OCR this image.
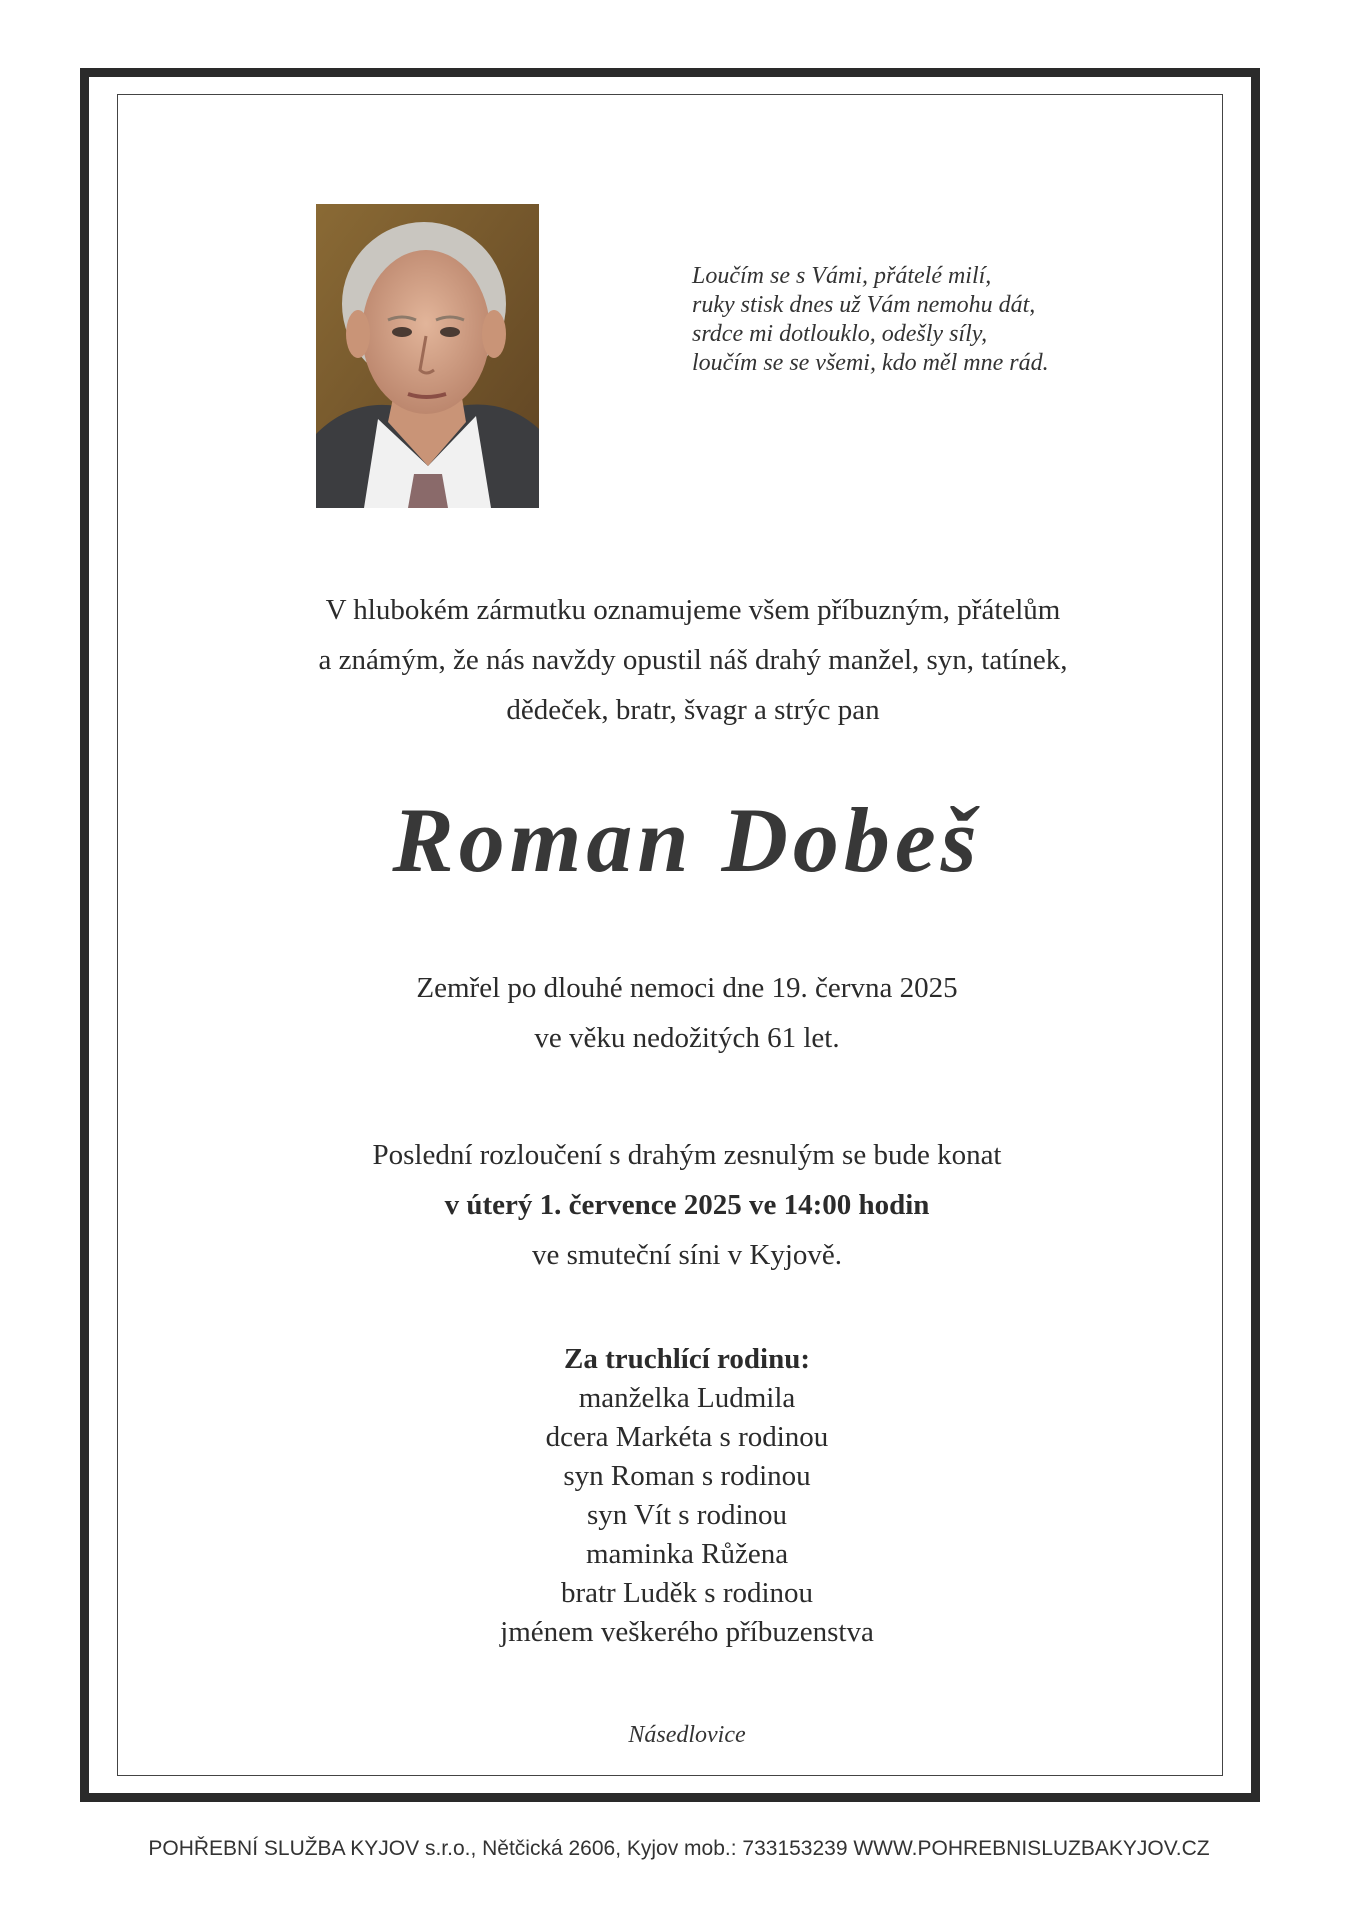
Loučím se s Vámi, přátelé milí,
ruky stisk dnes už Vám nemohu dát,
srdce mi dotlouklo, odešly síly,
loučím se se všemi, kdo měl mne rád.
V hlubokém zármutku oznamujeme všem příbuzným, přátelům
a známým, že nás navždy opustil náš drahý manžel, syn, tatínek,
dědeček, bratr, švagr a strýc pan
Roman Dobeš
Zemřel po dlouhé nemoci dne 19. června 2025
ve věku nedožitých 61 let.
Poslední rozloučení s drahým zesnulým se bude konat
v úterý 1. července 2025 ve 14:00 hodin
ve smuteční síni v Kyjově.
Za truchlící rodinu:
manželka Ludmila
dcera Markéta s rodinou
syn Roman s rodinou
syn Vít s rodinou
maminka Růžena
bratr Luděk s rodinou
jménem veškerého příbuzenstva
Násedlovice
POHŘEBNÍ SLUŽBA KYJOV s.r.o., Nětčická 2606, Kyjov mob.: 733153239 WWW.POHREBNISLUZBAKYJOV.CZ
